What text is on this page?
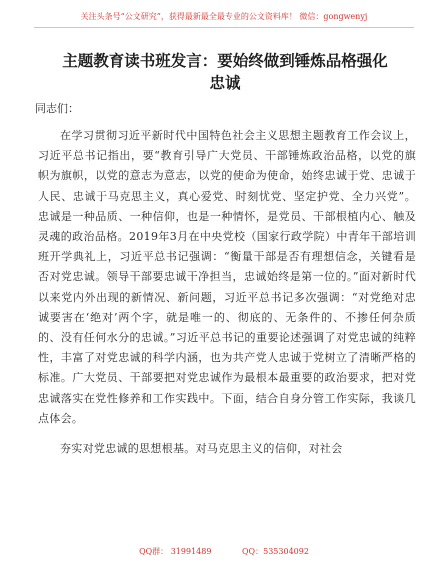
关注头条号“公文研究”，获得最新最全最专业的公文资料库！ 微信：gongwenyj
主题教育读书班发言：要始终做到锤炼品格强化忠诚
同志们：

在学习贯彻习近平新时代中国特色社会主义思想主题教育工作会议上，习近平总书记指出，要“教育引导广大党员、干部锤炼政治品格，以党的旗帜为旗帜，以党的意志为意志，以党的使命为使命，始终忠诚于党、忠诚于人民、忠诚于马克思主义，真心爱党、时刻忧党、坚定护党、全力兴党”。忠诚是一种品质、一种信仰，也是一种情怀，是党员、干部根植内心、触及灵魂的政治品格。2019年3月在中央党校（国家行政学院）中青年干部培训班开学典礼上，习近平总书记强调：“衡量干部是否有理想信念，关键看是否对党忠诚。领导干部要忠诚干净担当，忠诚始终是第一位的。”面对新时代以来党内外出现的新情况、新问题，习近平总书记多次强调：“对党绝对忠诚要害在‘绝对’两个字，就是唯一的、彻底的、无条件的、不掺任何杂质的、没有任何水分的忠诚。”习近平总书记的重要论述强调了对党忠诚的纯粹性，丰富了对党忠诚的科学内涵，也为共产党人忠诚于党树立了清晰严格的标准。广大党员、干部要把对党忠诚作为最根本最重要的政治要求，把对党忠诚落实在党性修养和工作实践中。下面，结合自身分管工作实际，我谈几点体会。

夯实对党忠诚的思想根基。对马克思主义的信仰，对社会

QQ群： 31991489	QQ：535304092
